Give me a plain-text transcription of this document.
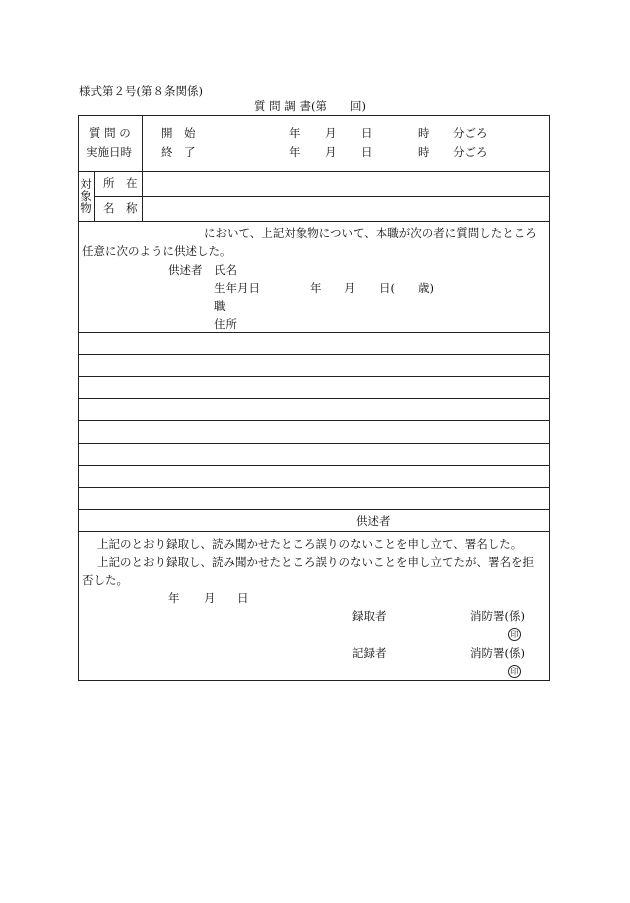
様式第２号(第８条関係)
質 問 調 書(第　　回)
質 問 の
実施日時
開　始	年 月 日	時 分ごろ
終　了	年 月 日	時 分ごろ
対象物
所　在
名　称
において、上記対象物について、本職が次の者に質問したところ
任意に次のように供述した。
供述者 氏名
生年月日	年 月 日(　　歳)
職
住所
供述者
上記のとおり録取し、読み聞かせたところ誤りのないことを申し立て、署名した。
上記のとおり録取し、読み聞かせたところ誤りのないことを申し立てたが、署名を拒
否した。
年 月 日
録取者	消防署(係)
印
記録者	消防署(係)
印
